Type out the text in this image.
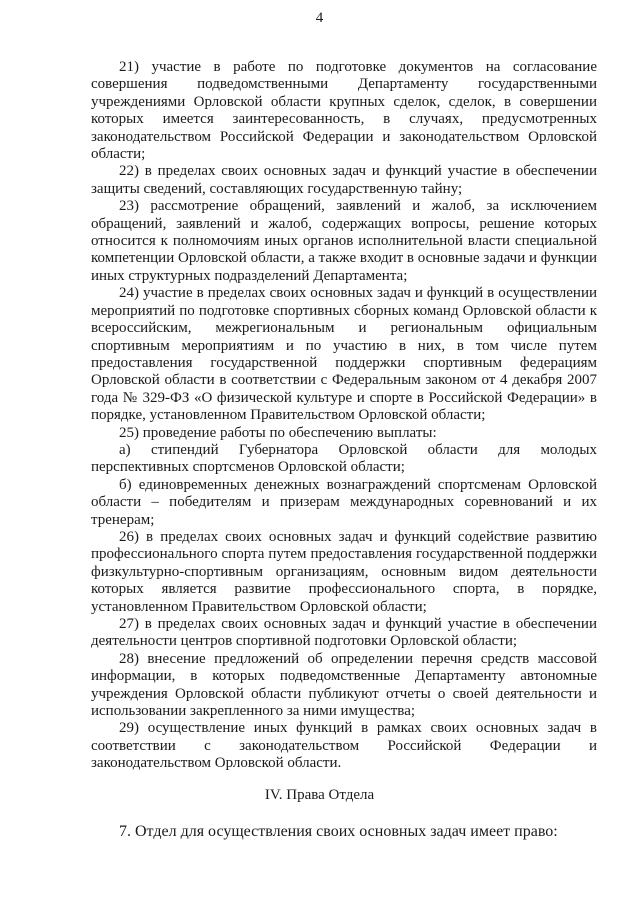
4

21) участие в работе по подготовке документов на согласование совершения подведомственными Департаменту государственными учреждениями Орловской области крупных сделок, сделок, в совершении которых имеется заинтересованность, в случаях, предусмотренных законодательством Российской Федерации и законодательством Орловской области;

22) в пределах своих основных задач и функций участие в обеспечении защиты сведений, составляющих государственную тайну;

23) рассмотрение обращений, заявлений и жалоб, за исключением обращений, заявлений и жалоб, содержащих вопросы, решение которых относится к полномочиям иных органов исполнительной власти специальной компетенции Орловской области, а также входит в основные задачи и функции иных структурных подразделений Департамента;

24) участие в пределах своих основных задач и функций в осуществлении мероприятий по подготовке спортивных сборных команд Орловской области к всероссийским, межрегиональным и региональным официальным спортивным мероприятиям и по участию в них, в том числе путем предоставления государственной поддержки спортивным федерациям Орловской области в соответствии с Федеральным законом от 4 декабря 2007 года № 329-ФЗ «О физической культуре и спорте в Российской Федерации» в порядке, установленном Правительством Орловской области;

25) проведение работы по обеспечению выплаты:

а) стипендий Губернатора Орловской области для молодых перспективных спортсменов Орловской области;

б) единовременных денежных вознаграждений спортсменам Орловской области – победителям и призерам международных соревнований и их тренерам;

26) в пределах своих основных задач и функций содействие развитию профессионального спорта путем предоставления государственной поддержки физкультурно-спортивным организациям, основным видом деятельности которых является развитие профессионального спорта, в порядке, установленном Правительством Орловской области;

27) в пределах своих основных задач и функций участие в обеспечении деятельности центров спортивной подготовки Орловской области;

28) внесение предложений об определении перечня средств массовой информации, в которых подведомственные Департаменту автономные учреждения Орловской области публикуют отчеты о своей деятельности и использовании закрепленного за ними имущества;

29) осуществление иных функций в рамках своих основных задач в соответствии с законодательством Российской Федерации и законодательством Орловской области.

IV. Права Отдела
7. Отдел для осуществления своих основных задач имеет право:
